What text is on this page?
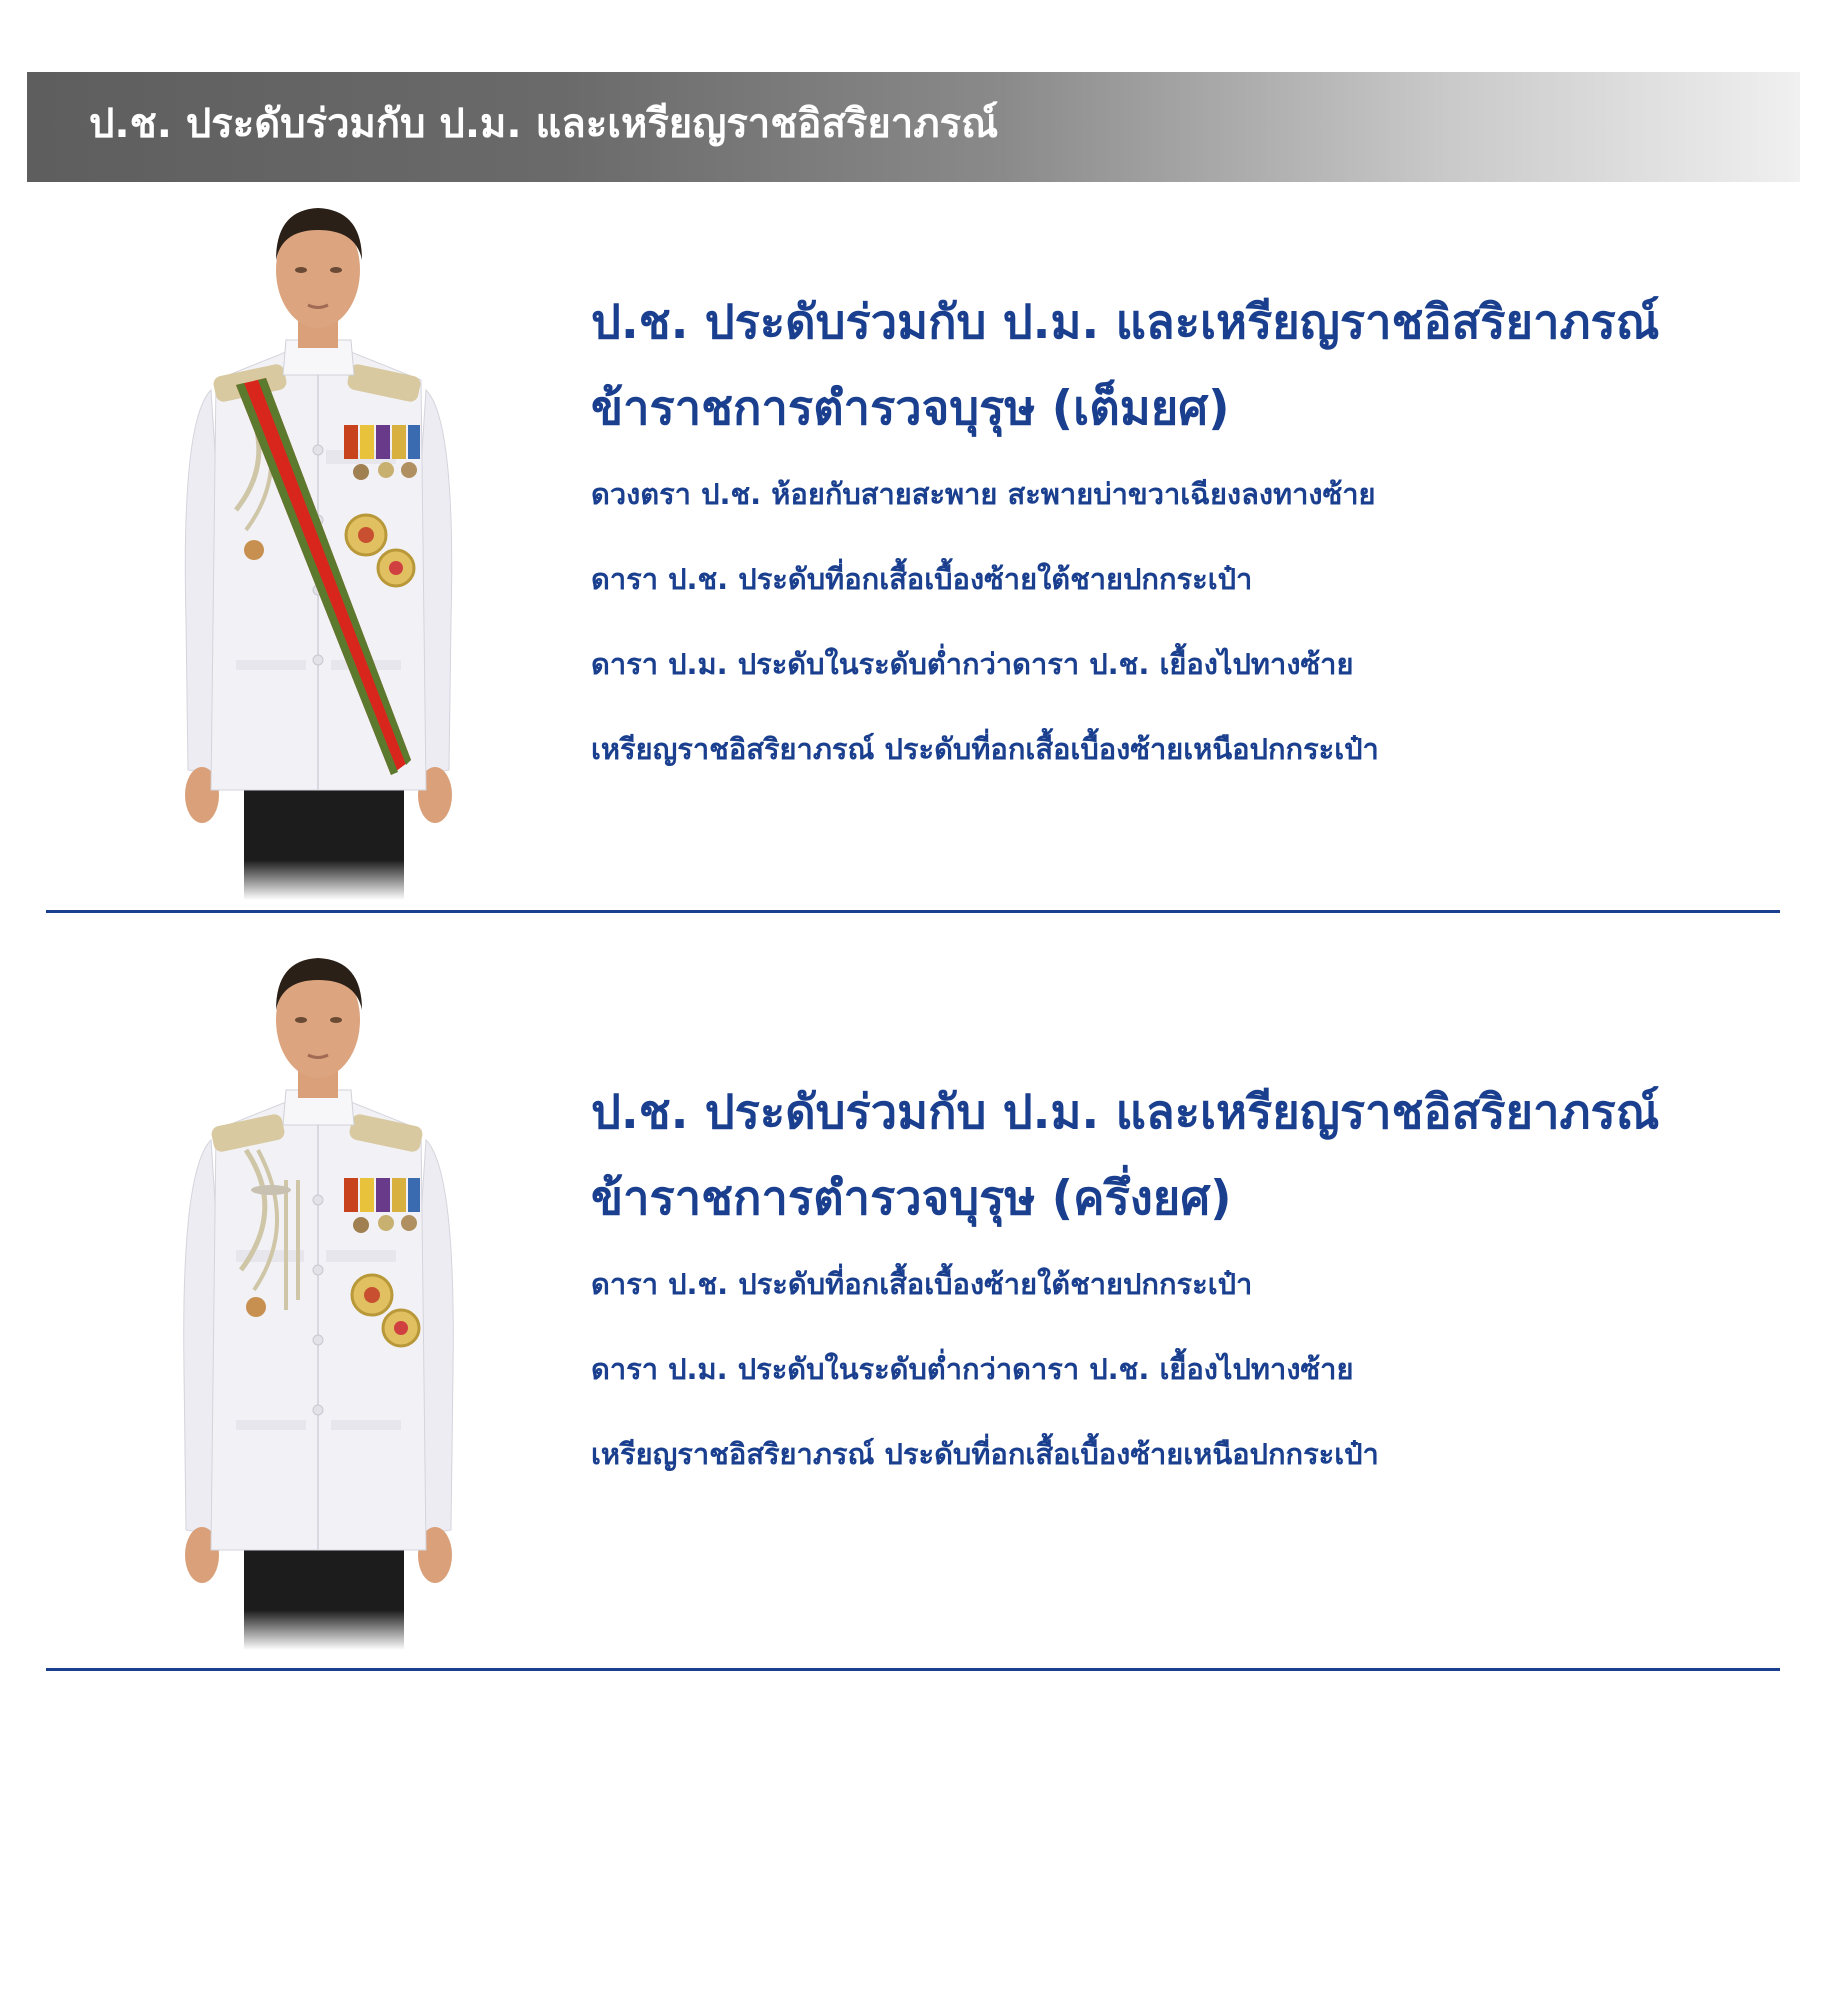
ป.ช. ประดับร่วมกับ ป.ม. และเหรียญราชอิสริยาภรณ์

ป.ช. ประดับร่วมกับ ป.ม. และเหรียญราชอิสริยาภรณ์

ข้าราชการตำรวจบุรุษ (เต็มยศ)

ดวงตรา ป.ช. ห้อยกับสายสะพาย สะพายบ่าขวาเฉียงลงทางซ้าย

ดารา ป.ช. ประดับที่อกเสื้อเบื้องซ้ายใต้ชายปกกระเป๋า

ดารา ป.ม. ประดับในระดับต่ำกว่าดารา ป.ช. เยื้องไปทางซ้าย

เหรียญราชอิสริยาภรณ์ ประดับที่อกเสื้อเบื้องซ้ายเหนือปกกระเป๋า

ป.ช. ประดับร่วมกับ ป.ม. และเหรียญราชอิสริยาภรณ์

ข้าราชการตำรวจบุรุษ (ครึ่งยศ)

ดารา ป.ช. ประดับที่อกเสื้อเบื้องซ้ายใต้ชายปกกระเป๋า

ดารา ป.ม. ประดับในระดับต่ำกว่าดารา ป.ช. เยื้องไปทางซ้าย

เหรียญราชอิสริยาภรณ์ ประดับที่อกเสื้อเบื้องซ้ายเหนือปกกระเป๋า
